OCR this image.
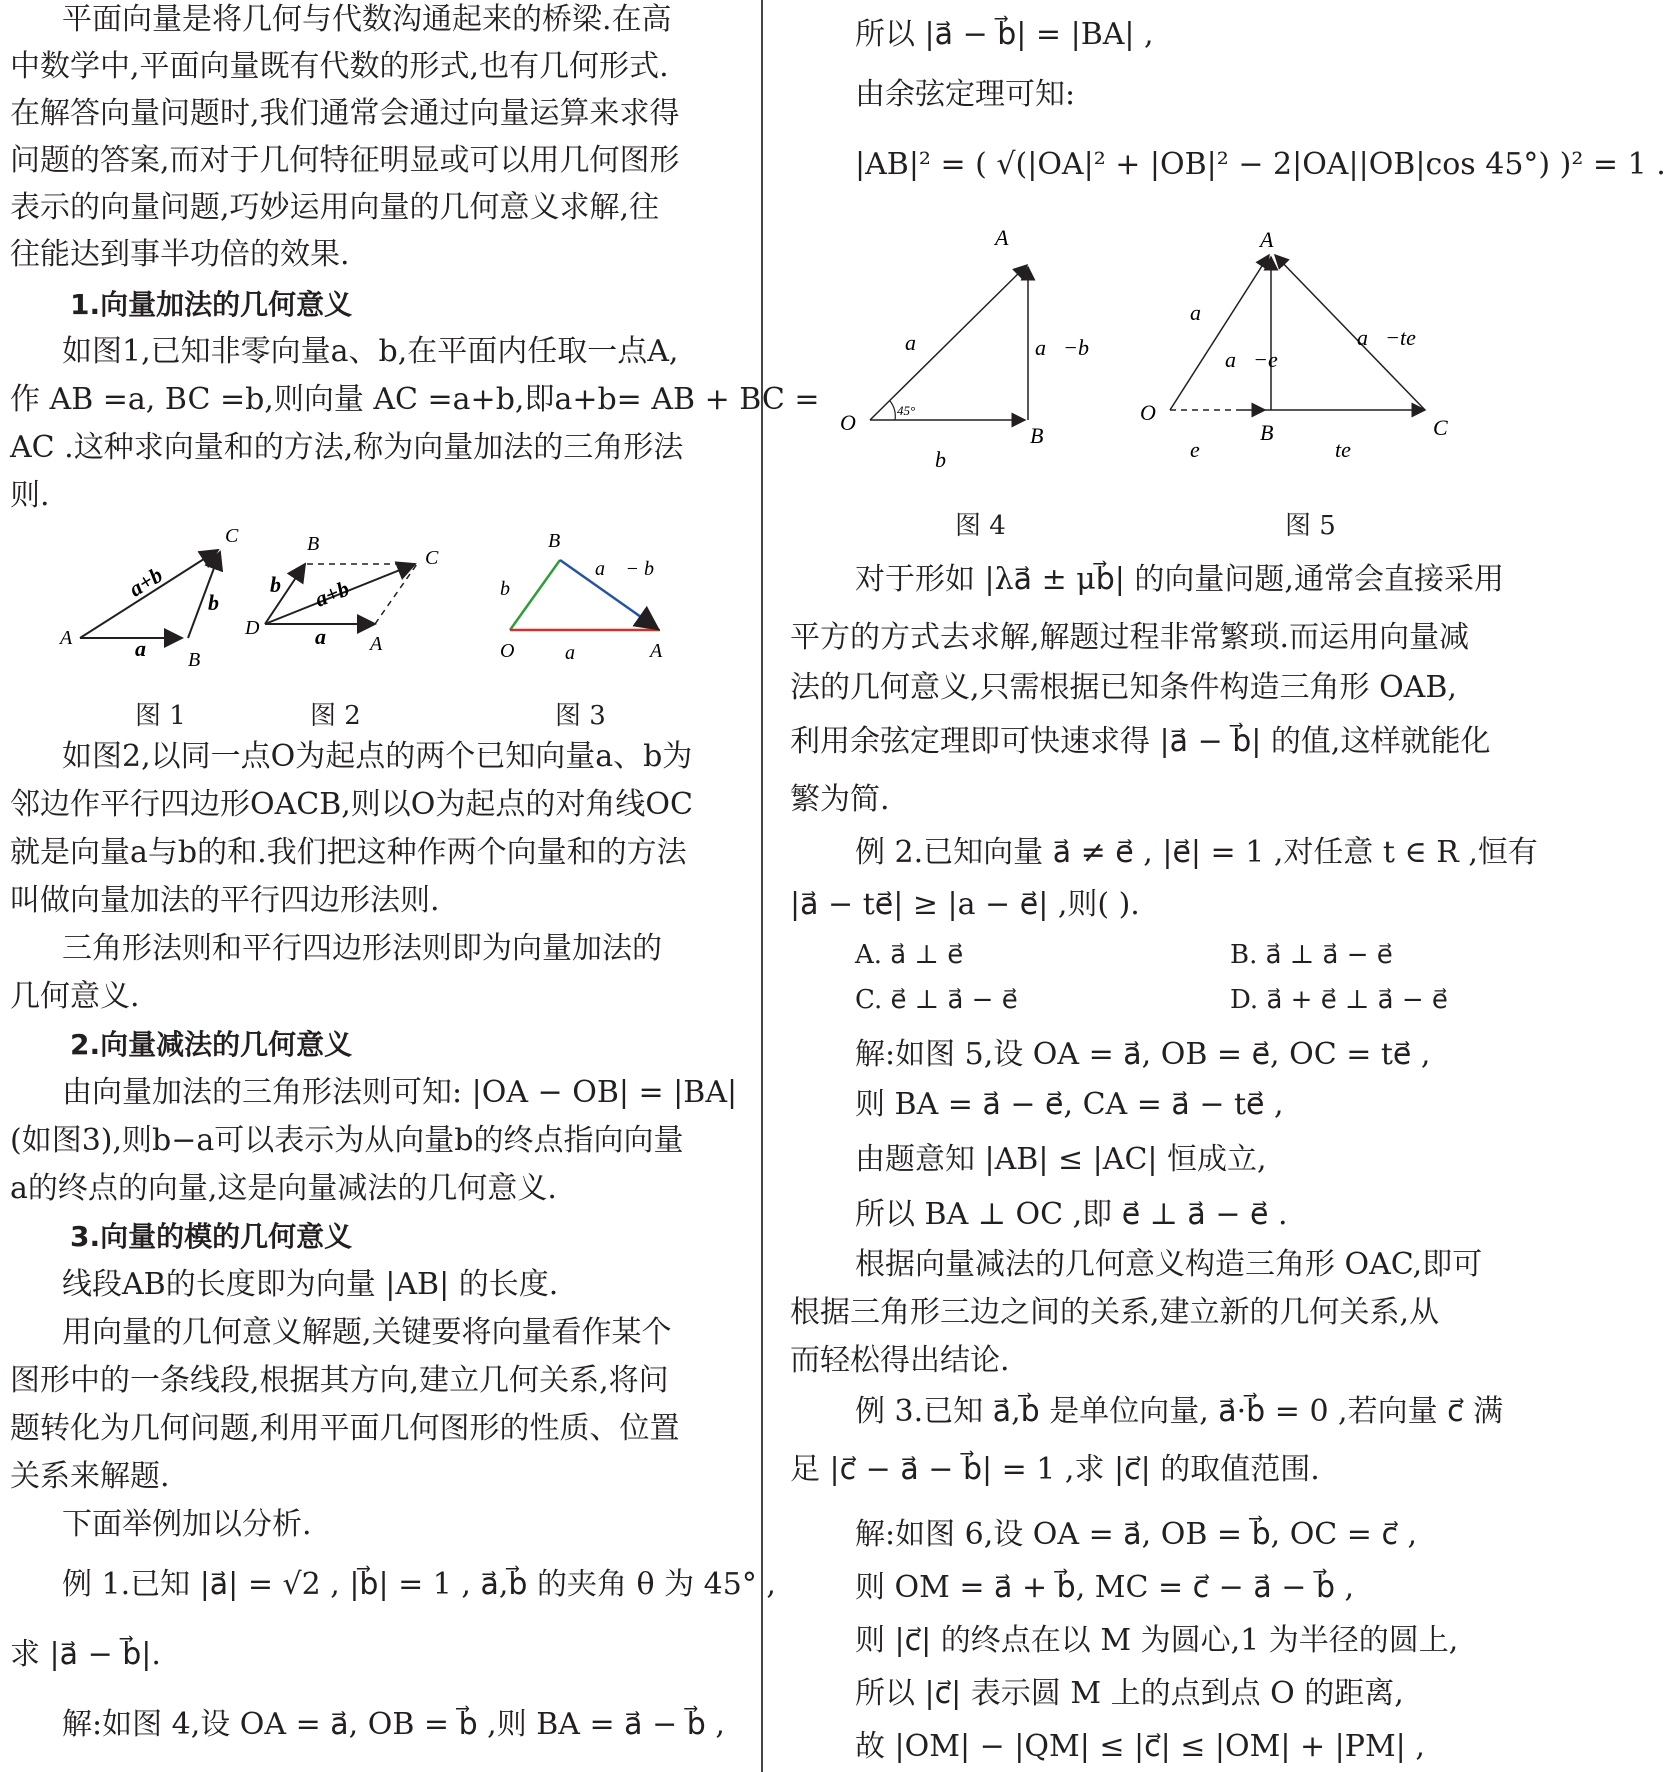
平面向量是将几何与代数沟通起来的桥梁.在高
中数学中,平面向量既有代数的形式,也有几何形式.
在解答向量问题时,我们通常会通过向量运算来求得
问题的答案,而对于几何特征明显或可以用几何图形
表示的向量问题,巧妙运用向量的几何意义求解,往
往能达到事半功倍的效果.
1.向量加法的几何意义
如图1,已知非零向量a、b,在平面内任取一点A,
作 AB =a, BC =b,则向量 AC =a+b,即a+b= AB + BC =
AC .这种求向量和的方法,称为向量加法的三角形法
则.
A
B
C
a
b
a+b
B
C
D
A
a
b a+b
B
O	A
b⃗
a⃗
a⃗ − b⃗
图 1	图 2	图 3
如图2,以同一点O为起点的两个已知向量a、b为
邻边作平行四边形OACB,则以O为起点的对角线OC
就是向量a与b的和.我们把这种作两个向量和的方法
叫做向量加法的平行四边形法则.
三角形法则和平行四边形法则即为向量加法的
几何意义.
2.向量减法的几何意义
由向量加法的三角形法则可知: |OA − OB| = |BA|
(如图3),则b−a可以表示为从向量b的终点指向向量
a的终点的向量,这是向量减法的几何意义.
3.向量的模的几何意义
线段AB的长度即为向量 |AB| 的长度.
用向量的几何意义解题,关键要将向量看作某个
图形中的一条线段,根据其方向,建立几何关系,将问
题转化为几何问题,利用平面几何图形的性质、位置
关系来解题.
下面举例加以分析.
例 1.已知 |a⃗| = √2 , |b⃗| = 1 , a⃗,b⃗ 的夹角 θ 为 45° ,
求 |a⃗ − b⃗|.
解:如图 4,设 OA = a⃗, OB = b⃗ ,则 BA = a⃗ − b⃗ ,
所以 |a⃗ − b⃗| = |BA| ,
由余弦定理可知:
|AB|² = ( √(|OA|² + |OB|² − 2|OA||OB|cos 45°) )² = 1 .
45°
A
O
B
a⃗
b⃗
a⃗−b⃗
A
O
B	C
a⃗
e⃗	te⃗
a⃗−e⃗
a⃗−te⃗
图 4	图 5
对于形如 |λa⃗ ± μb⃗| 的向量问题,通常会直接采用
平方的方式去求解,解题过程非常繁琐.而运用向量减
法的几何意义,只需根据已知条件构造三角形 OAB,
利用余弦定理即可快速求得 |a⃗ − b⃗| 的值,这样就能化
繁为简.
例 2.已知向量 a⃗ ≠ e⃗ , |e⃗| = 1 ,对任意 t ∈ R ,恒有
|a⃗ − te⃗| ≥ |a − e⃗| ,则( ).
A. a⃗ ⊥ e⃗	B. a⃗ ⊥ a⃗ − e⃗
C. e⃗ ⊥ a⃗ − e⃗	D. a⃗ + e⃗ ⊥ a⃗ − e⃗
解:如图 5,设 OA = a⃗, OB = e⃗, OC = te⃗ ,
则 BA = a⃗ − e⃗, CA = a⃗ − te⃗ ,
由题意知 |AB| ≤ |AC| 恒成立,
所以 BA ⊥ OC ,即 e⃗ ⊥ a⃗ − e⃗ .
根据向量减法的几何意义构造三角形 OAC,即可
根据三角形三边之间的关系,建立新的几何关系,从
而轻松得出结论.
例 3.已知 a⃗,b⃗ 是单位向量, a⃗·b⃗ = 0 ,若向量 c⃗ 满
足 |c⃗ − a⃗ − b⃗| = 1 ,求 |c⃗| 的取值范围.
解:如图 6,设 OA = a⃗, OB = b⃗, OC = c⃗ ,
则 OM = a⃗ + b⃗, MC = c⃗ − a⃗ − b⃗ ,
则 |c⃗| 的终点在以 M 为圆心,1 为半径的圆上,
所以 |c⃗| 表示圆 M 上的点到点 O 的距离,
故 |OM| − |QM| ≤ |c⃗| ≤ |OM| + |PM| ,
